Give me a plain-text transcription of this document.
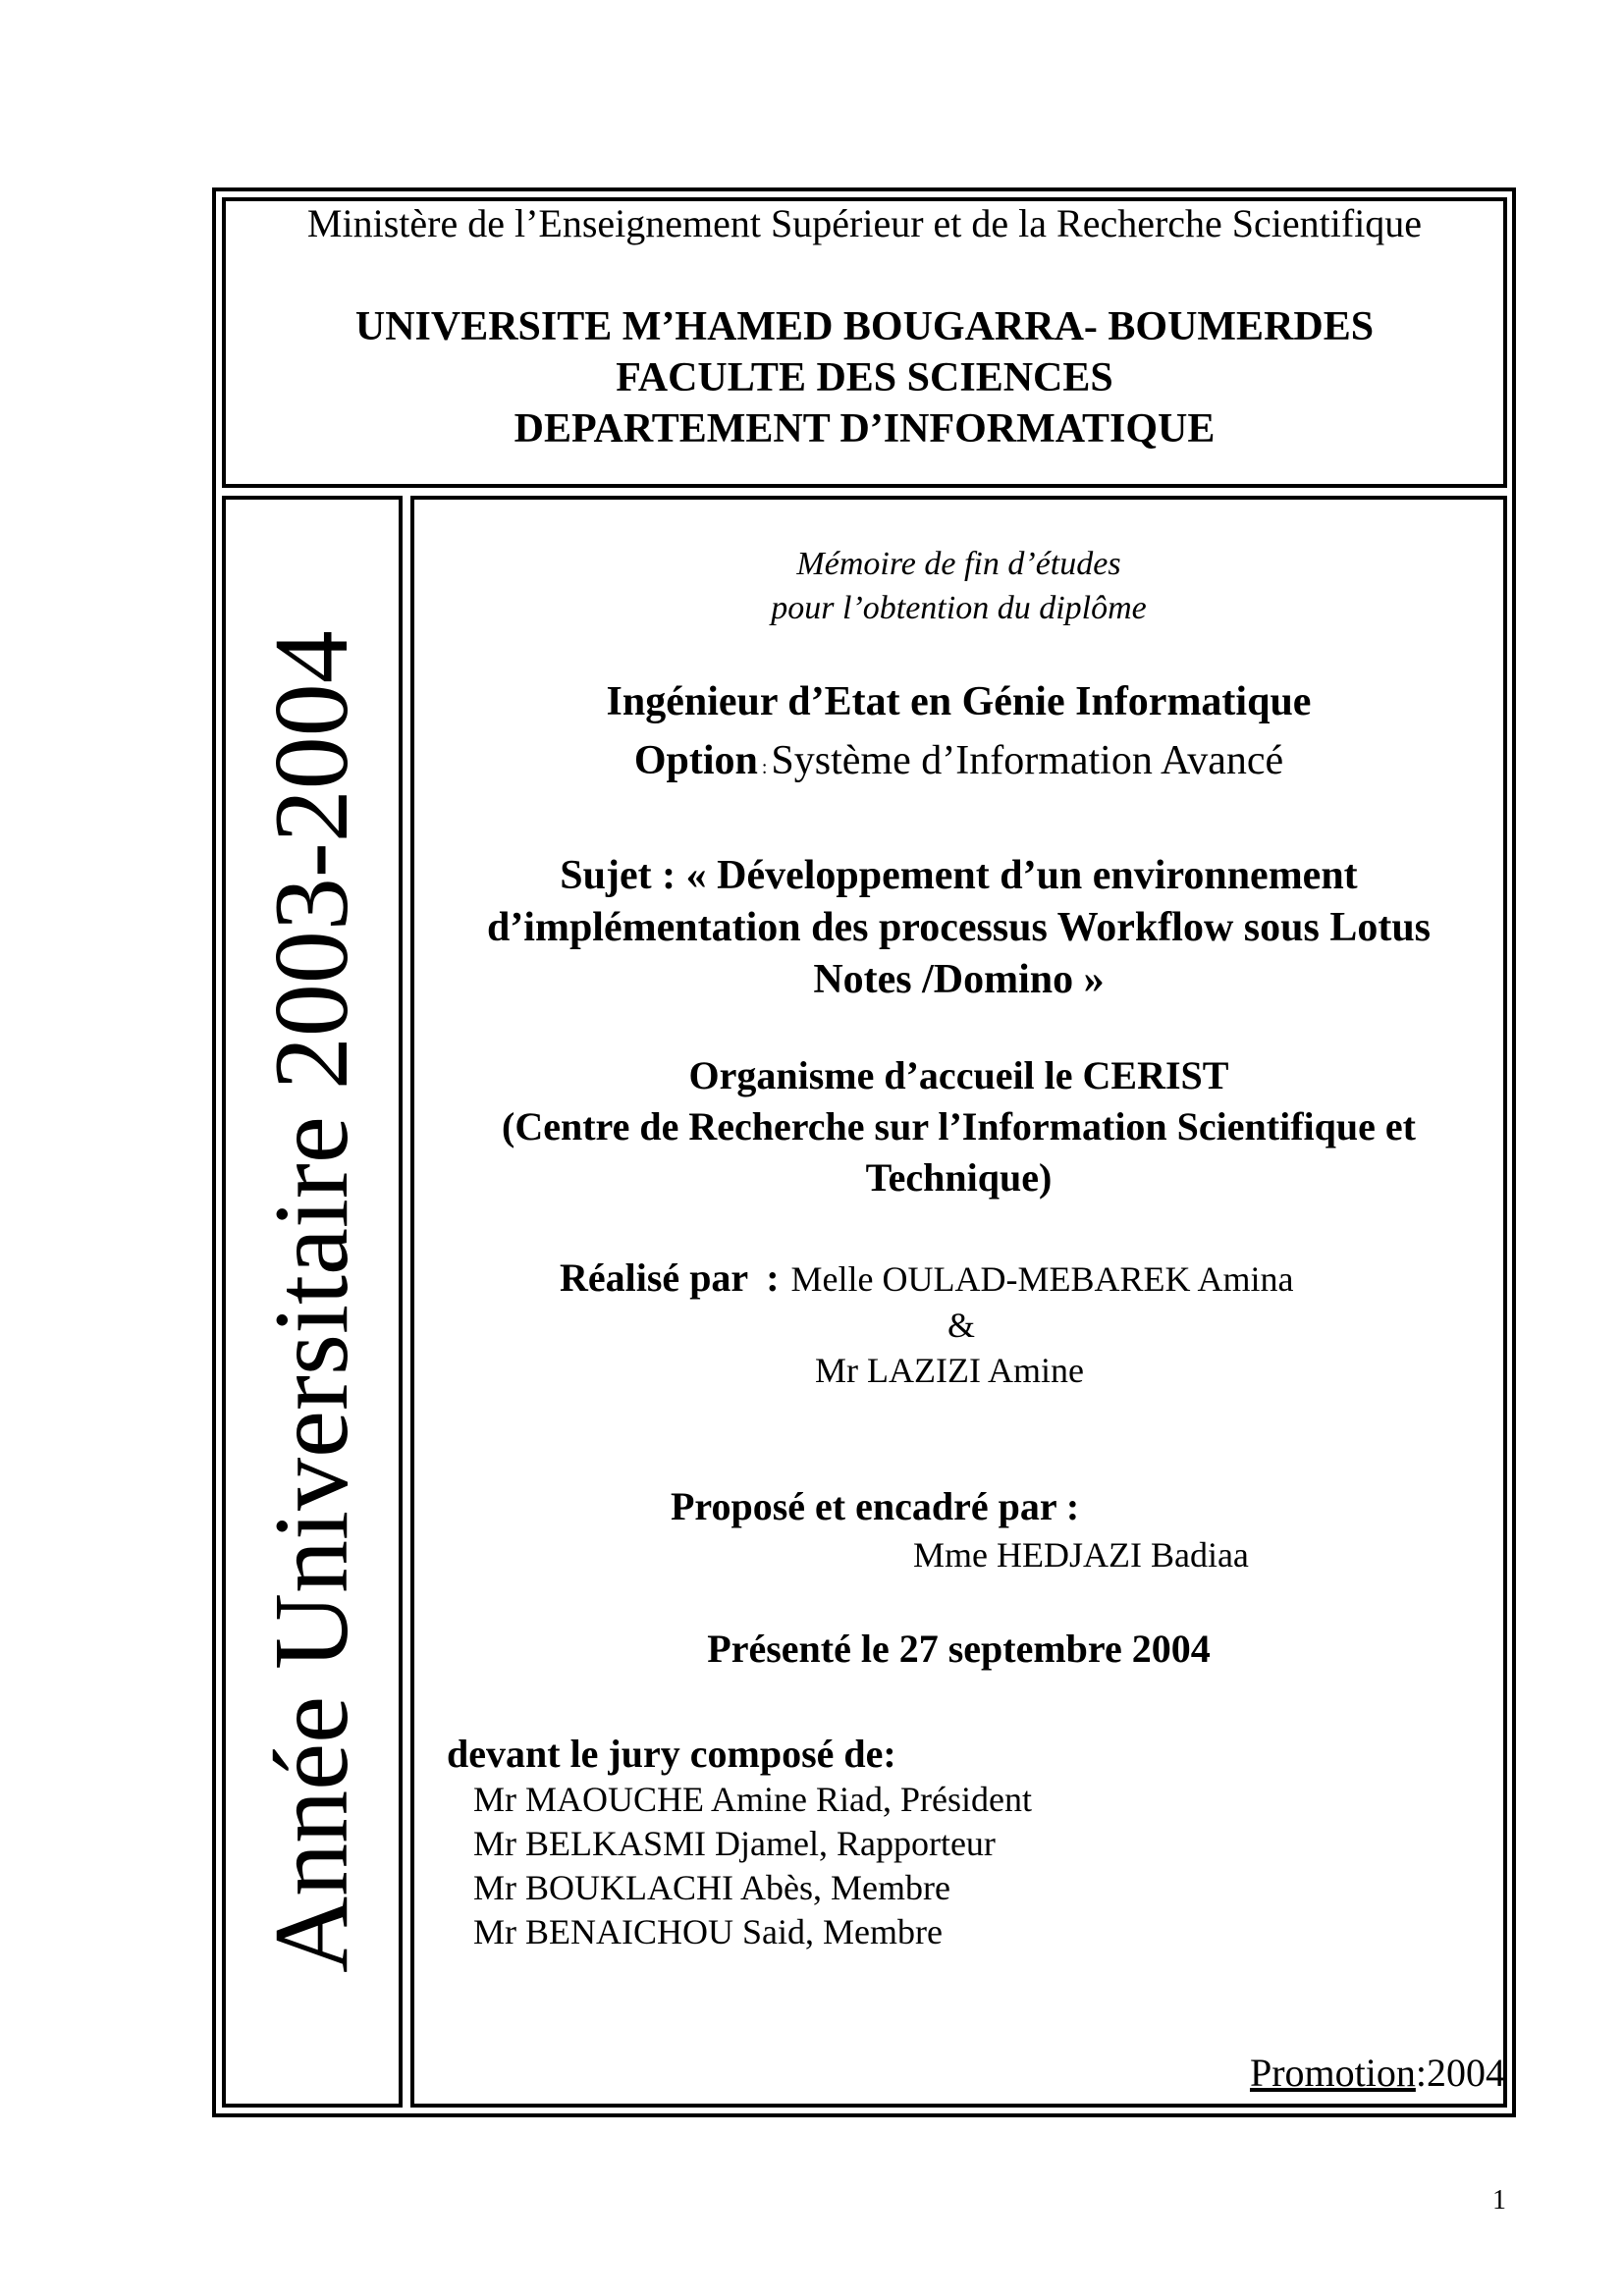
Ministère de l’Enseignement Supérieur et de la Recherche Scientifique
UNIVERSITE M’HAMED BOUGARRA- BOUMERDES
FACULTE DES SCIENCES
DEPARTEMENT D’INFORMATIQUE
Année Universitaire 2003-2004
Mémoire de fin d’études
pour l’obtention du diplôme
Ingénieur d’Etat en Génie Informatique
Option : Système d’Information Avancé
Sujet : « Développement d’un environnement
d’implémentation des processus Workflow sous Lotus
Notes /Domino »
Organisme d’accueil le CERIST
(Centre de Recherche sur l’Information Scientifique et
Technique)
Réalisé par : Melle OULAD-MEBAREK Amina
&
Mr LAZIZI Amine
Proposé et encadré par :
Mme HEDJAZI Badiaa
Présenté le 27 septembre 2004
devant le jury composé de:
Mr MAOUCHE Amine Riad, Président
Mr BELKASMI Djamel, Rapporteur
Mr BOUKLACHI Abès, Membre
Mr BENAICHOU Said, Membre
Promotion:2004
1
